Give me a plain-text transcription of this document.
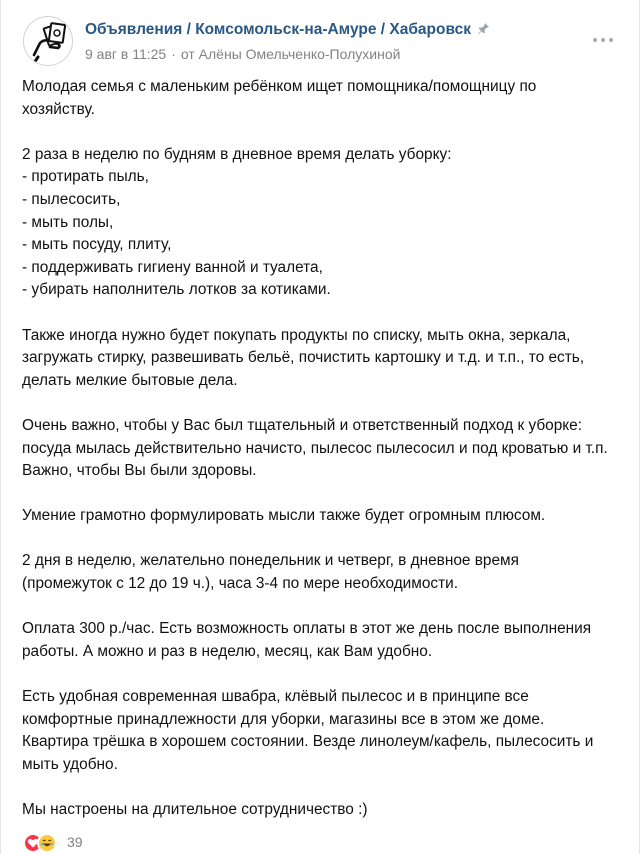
Объявления / Комсомольск-на-Амуре / Хабаровск
9 авг в 11:25 · от Алёны Омельченко-Полухиной
Молодая семья с маленьким ребёнком ищет помощника/помощницу по
хозяйству.
2 раза в неделю по будням в дневное время делать уборку:
- протирать пыль,
- пылесосить,
- мыть полы,
- мыть посуду, плиту,
- поддерживать гигиену ванной и туалета,
- убирать наполнитель лотков за котиками.
Также иногда нужно будет покупать продукты по списку, мыть окна, зеркала,
загружать стирку, развешивать бельё, почистить картошку и т.д. и т.п., то есть,
делать мелкие бытовые дела.
Очень важно, чтобы у Вас был тщательный и ответственный подход к уборке:
посуда мылась действительно начисто, пылесос пылесосил и под кроватью и т.п.
Важно, чтобы Вы были здоровы.
Умение грамотно формулировать мысли также будет огромным плюсом.
2 дня в неделю, желательно понедельник и четверг, в дневное время
(промежуток с 12 до 19 ч.), часа 3-4 по мере необходимости.
Оплата 300 р./час. Есть возможность оплаты в этот же день после выполнения
работы. А можно и раз в неделю, месяц, как Вам удобно.
Есть удобная современная швабра, клёвый пылесос и в принципе все
комфортные принадлежности для уборки, магазины все в этом же доме.
Квартира трёшка в хорошем состоянии. Везде линолеум/кафель, пылесосить и
мыть удобно.
Мы настроены на длительное сотрудничество :)
39
